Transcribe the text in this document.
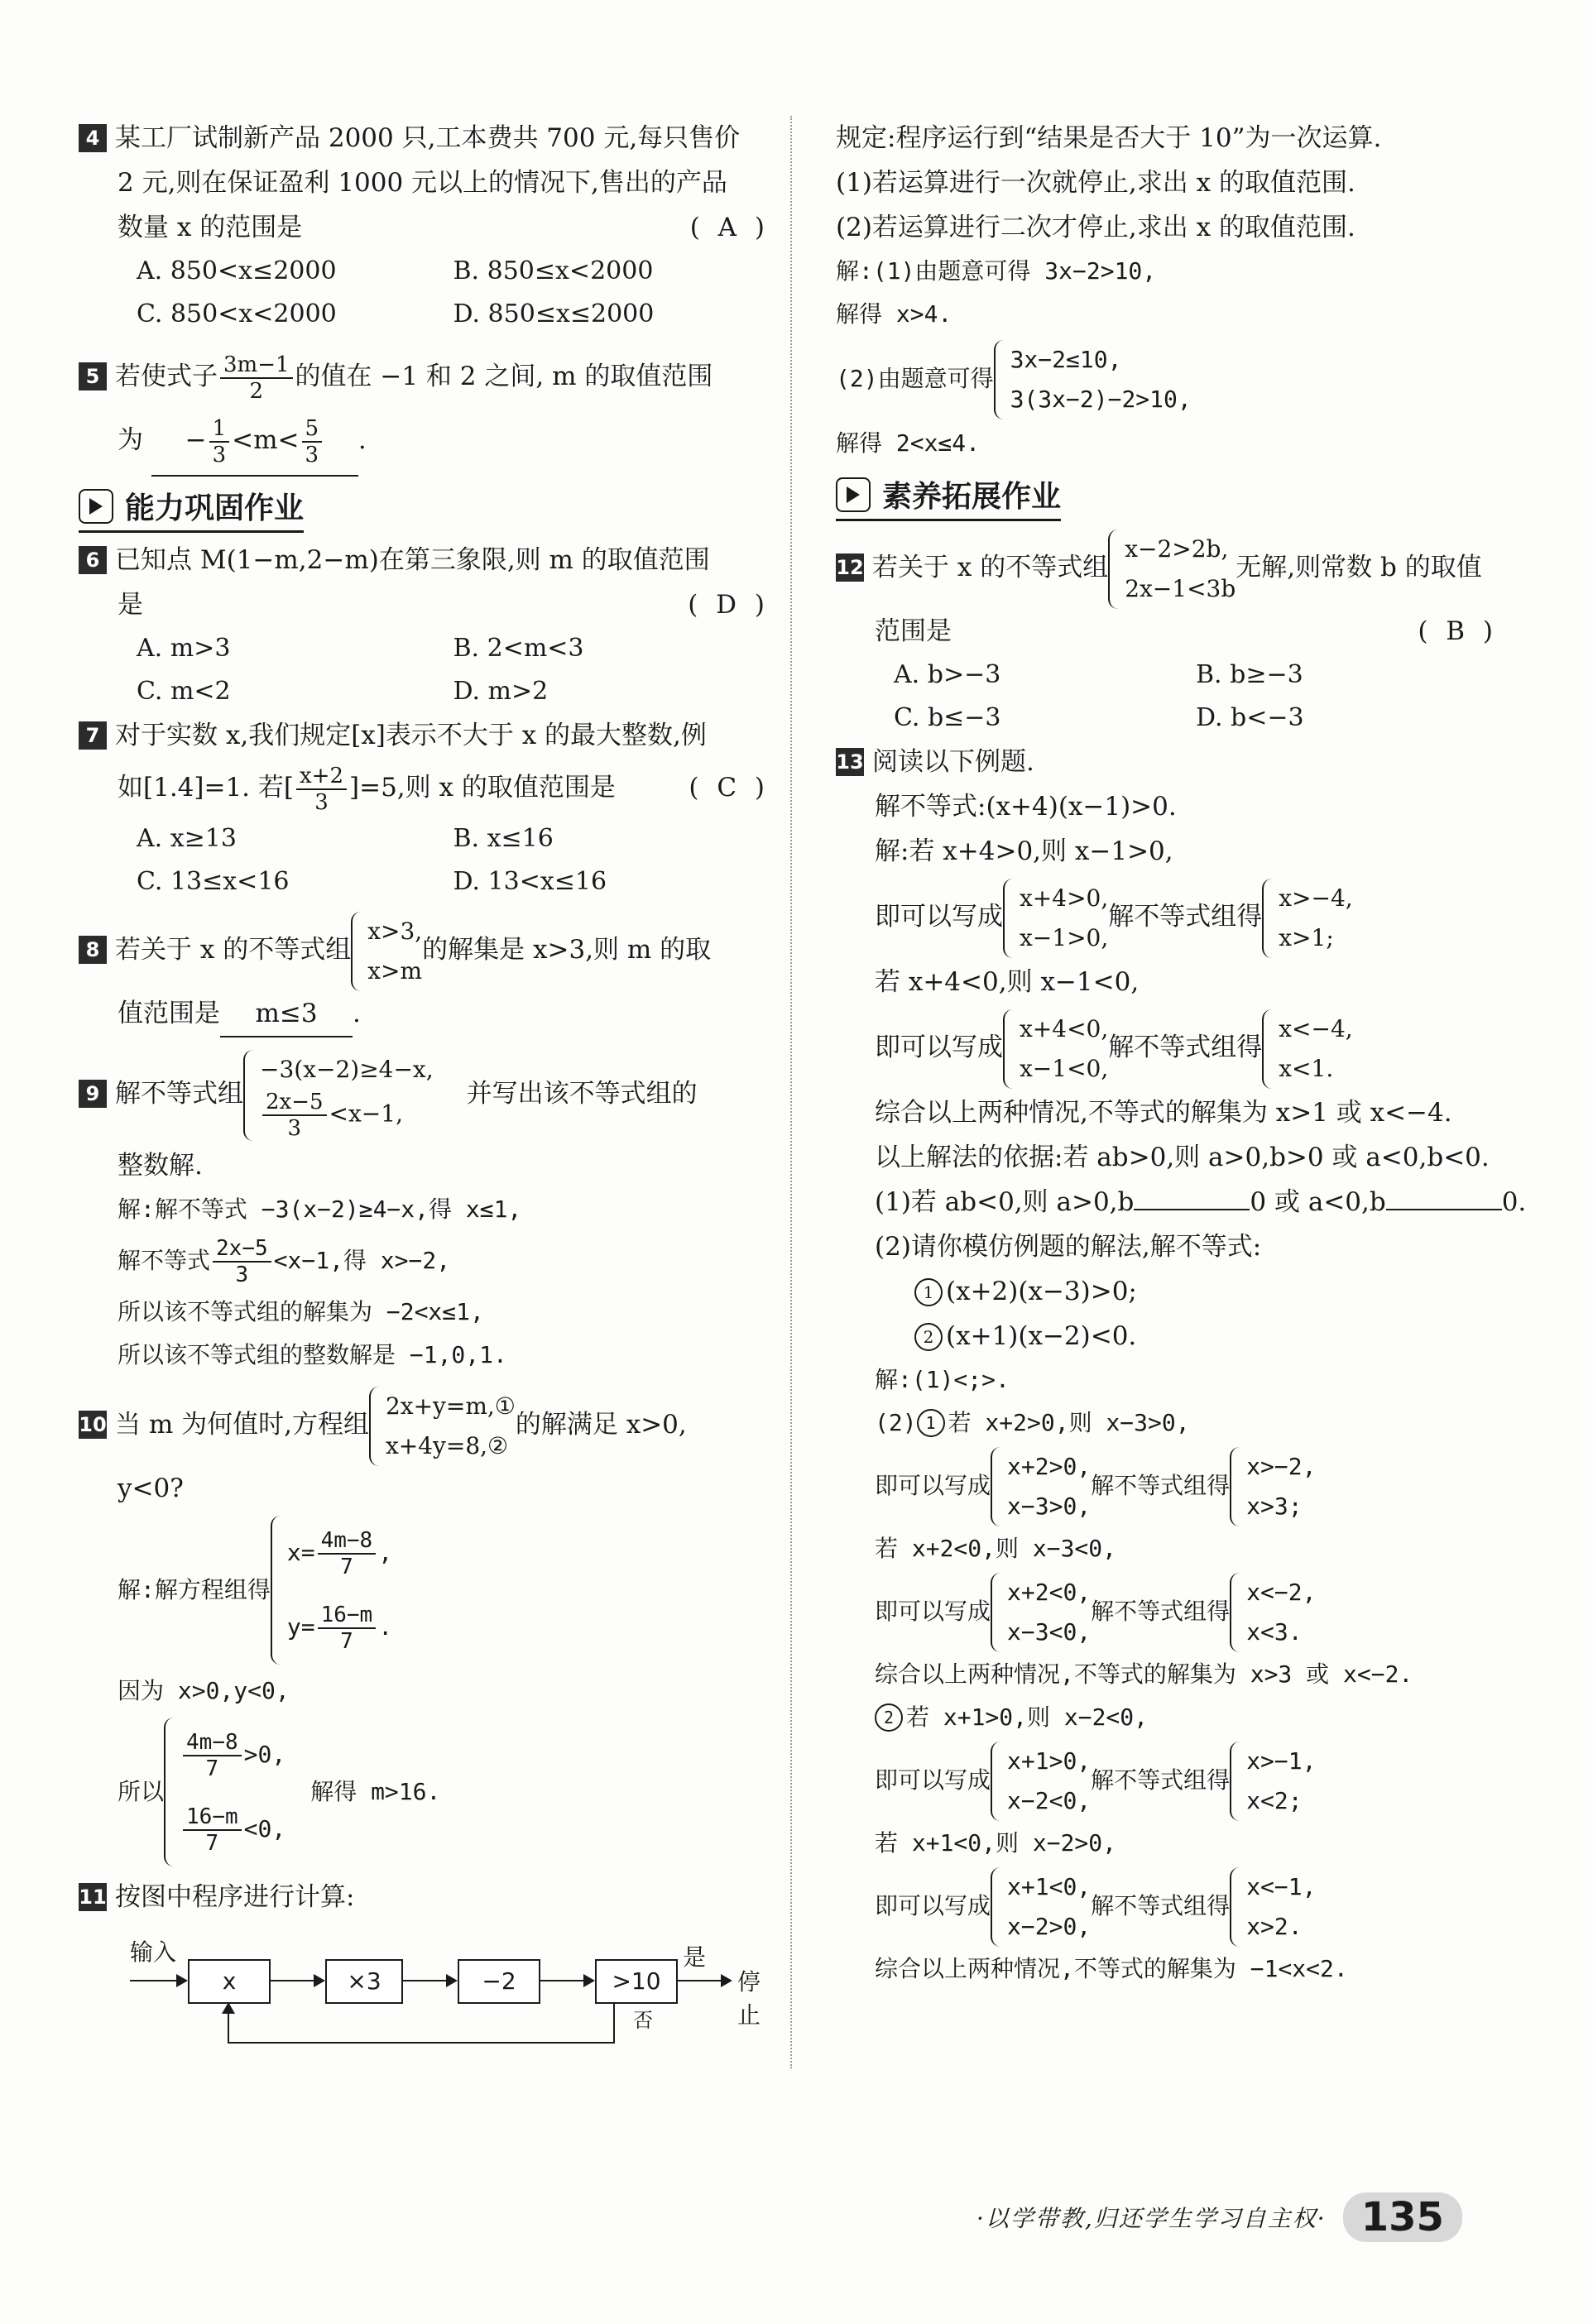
4 某工厂试制新产品 2000 只,工本费共 700 元,每只售价
2 元,则在保证盈利 1000 元以上的情况下,售出的产品
数量 x 的范围是	( A )
A. 850<x≤2000	B. 850≤x<2000
C. 850<x<2000	D. 850≤x≤2000
5 若使式子 $\frac{3m-1}{2}$ 的值在 −1 和 2 之间, m 的取值范围
为 − $\frac{1}{3} <m< \frac{5}{3}$ .
能力巩固作业
6 已知点 M(1−m,2−m)在第三象限,则 m 的取值范围
是	( D )
A. m>3	B. 2<m<3
C. m<2	D. m>2
7 对于实数 x,我们规定[x]表示不大于 x 的最大整数,例
如[1.4]=1. 若[ $\frac{x+2}{3} ]=5$,则 x 的取值范围是	( C )
A. x≥13	B. x≤16
C. 13≤x<16	D. 13<x≤16
8 若关于 x 的不等式组
x>3,
x>m
的解集是 x>3,则 m 的取
值范围是 m≤3 .
9 解不等式组
−3(x−2)≥4−x,
$\frac{2x-5}{3} <x-1$,
并写出该不等式组的
整数解.
解:解不等式 −3(x−2)≥4−x,得 x≤1,
解不等式 $\frac{2x-5}{3} <x-1$,得 x>−2,
所以该不等式组的解集为 −2<x≤1,
所以该不等式组的整数解是 −1,0,1.
10 当 m 为何值时,方程组
2x+y=m,①
x+4y=8,②
的解满足 x>0,
y<0?
解:解方程组得
$x= \frac{4m-8}{7}$ ,
$y= \frac{16-m}{7}$ .
因为 x>0,y<0,
所以
$\frac{4m-8}{7} >0$,
$\frac{16-m}{7} <0$,
解得 m>16.
11 按图中程序进行计算:
输入
x	×3	−2	>10
是
停止
否
规定:程序运行到“结果是否大于 10”为一次运算.
(1)若运算进行一次就停止,求出 x 的取值范围.
(2)若运算进行二次才停止,求出 x 的取值范围.
解:(1)由题意可得 3x−2>10,
解得 x>4.
(2)由题意可得
3x−2≤10,
3(3x−2)−2>10,
解得 2<x≤4.
素养拓展作业
12 若关于 x 的不等式组
x−2>2b,
2x−1<3b
无解,则常数 b 的取值
范围是	( B )
A. b>−3	B. b≥−3
C. b≤−3	D. b<−3
13 阅读以下例题.
解不等式:(x+4)(x−1)>0.
解:若 x+4>0,则 x−1>0,
即可以写成
x+4>0,
x−1>0,
解不等式组得
x>−4,
x>1;
若 x+4<0,则 x−1<0,
即可以写成
x+4<0,
x−1<0,
解不等式组得
x<−4,
x<1.
综合以上两种情况,不等式的解集为 x>1 或 x<−4.
以上解法的依据:若 ab>0,则 a>0,b>0 或 a<0,b<0.
(1)若 ab<0,则 a>0,b	0 或 a<0,b	0.
(2)请你模仿例题的解法,解不等式:
1 (x+2)(x−3)>0;
2 (x+1)(x−2)<0.
解:(1)<;>.
(2) 1 若 x+2>0,则 x−3>0,
即可以写成
x+2>0,
x−3>0,
解不等式组得
x>−2,
x>3;
若 x+2<0,则 x−3<0,
即可以写成
x+2<0,
x−3<0,
解不等式组得
x<−2,
x<3.
综合以上两种情况,不等式的解集为 x>3 或 x<−2.
2 若 x+1>0,则 x−2<0,
即可以写成
x+1>0,
x−2<0,
解不等式组得
x>−1,
x<2;
若 x+1<0,则 x−2>0,
即可以写成
x+1<0,
x−2>0,
解不等式组得
x<−1,
x>2.
综合以上两种情况,不等式的解集为 −1<x<2.
·以学带教,归还学生学习自主权· 135
